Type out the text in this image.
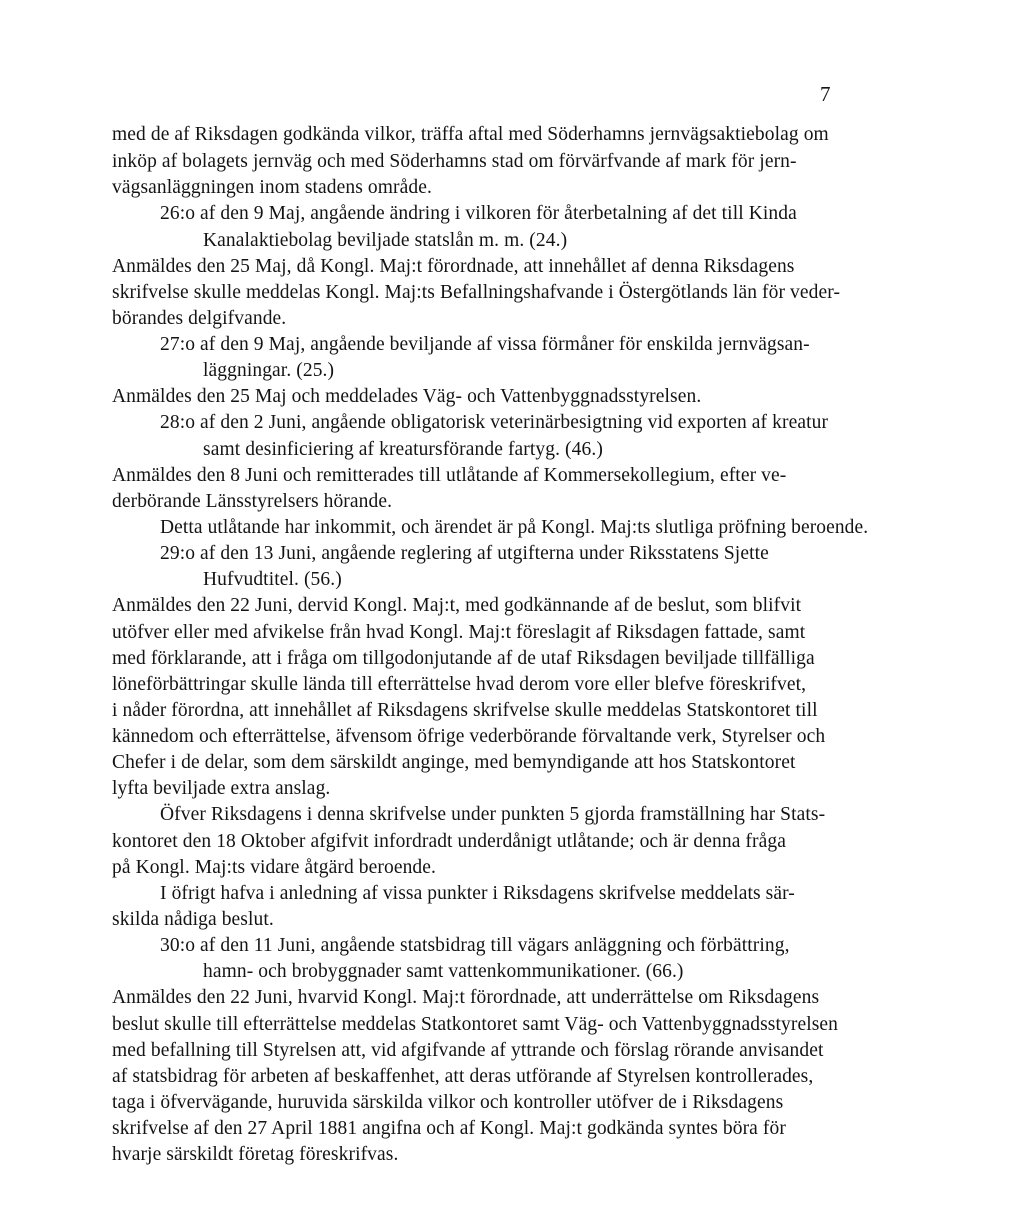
7
med de af Riksdagen godkända vilkor, träffa aftal med Söderhamns jernvägsaktiebolag om
inköp af bolagets jernväg och med Söderhamns stad om förvärfvande af mark för jern-
vägsanläggningen inom stadens område.
26:o af den 9 Maj, angående ändring i vilkoren för återbetalning af det till Kinda
Kanalaktiebolag beviljade statslån m. m. (24.)
Anmäldes den 25 Maj, då Kongl. Maj:t förordnade, att innehållet af denna Riksdagens
skrifvelse skulle meddelas Kongl. Maj:ts Befallningshafvande i Östergötlands län för veder-
börandes delgifvande.
27:o af den 9 Maj, angående beviljande af vissa förmåner för enskilda jernvägsan-
läggningar. (25.)
Anmäldes den 25 Maj och meddelades Väg- och Vattenbyggnadsstyrelsen.
28:o af den 2 Juni, angående obligatorisk veterinärbesigtning vid exporten af kreatur
samt desinficiering af kreatursförande fartyg. (46.)
Anmäldes den 8 Juni och remitterades till utlåtande af Kommersekollegium, efter ve-
derbörande Länsstyrelsers hörande.
Detta utlåtande har inkommit, och ärendet är på Kongl. Maj:ts slutliga pröfning beroende.
29:o af den 13 Juni, angående reglering af utgifterna under Riksstatens Sjette
Hufvudtitel. (56.)
Anmäldes den 22 Juni, dervid Kongl. Maj:t, med godkännande af de beslut, som blifvit
utöfver eller med afvikelse från hvad Kongl. Maj:t föreslagit af Riksdagen fattade, samt
med förklarande, att i fråga om tillgodonjutande af de utaf Riksdagen beviljade tillfälliga
löneförbättringar skulle lända till efterrättelse hvad derom vore eller blefve föreskrifvet,
i nåder förordna, att innehållet af Riksdagens skrifvelse skulle meddelas Statskontoret till
kännedom och efterrättelse, äfvensom öfrige vederbörande förvaltande verk, Styrelser och
Chefer i de delar, som dem särskildt anginge, med bemyndigande att hos Statskontoret
lyfta beviljade extra anslag.
Öfver Riksdagens i denna skrifvelse under punkten 5 gjorda framställning har Stats-
kontoret den 18 Oktober afgifvit infordradt underdånigt utlåtande; och är denna fråga
på Kongl. Maj:ts vidare åtgärd beroende.
I öfrigt hafva i anledning af vissa punkter i Riksdagens skrifvelse meddelats sär-
skilda nådiga beslut.
30:o af den 11 Juni, angående statsbidrag till vägars anläggning och förbättring,
hamn- och brobyggnader samt vattenkommunikationer. (66.)
Anmäldes den 22 Juni, hvarvid Kongl. Maj:t förordnade, att underrättelse om Riksdagens
beslut skulle till efterrättelse meddelas Statkontoret samt Väg- och Vattenbyggnadsstyrelsen
med befallning till Styrelsen att, vid afgifvande af yttrande och förslag rörande anvisandet
af statsbidrag för arbeten af beskaffenhet, att deras utförande af Styrelsen kontrollerades,
taga i öfvervägande, huruvida särskilda vilkor och kontroller utöfver de i Riksdagens
skrifvelse af den 27 April 1881 angifna och af Kongl. Maj:t godkända syntes böra för
hvarje särskildt företag föreskrifvas.
